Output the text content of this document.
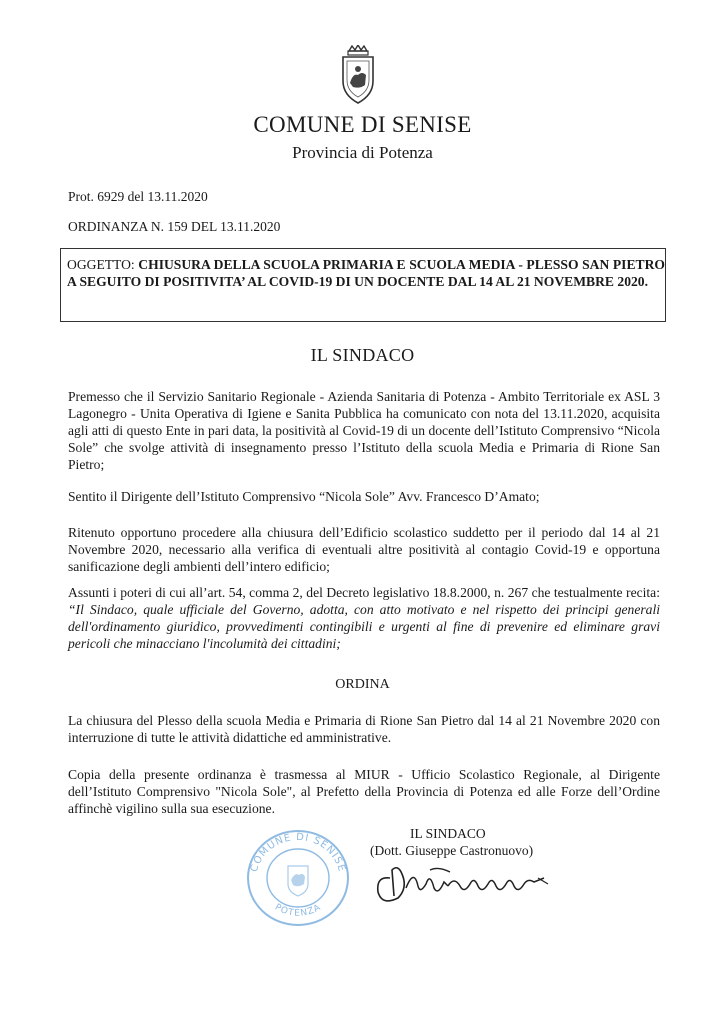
COMUNE DI SENISE
Provincia di Potenza
Prot. 6929 del 13.11.2020
ORDINANZA N. 159 DEL 13.11.2020
OGGETTO: CHIUSURA DELLA SCUOLA PRIMARIA E SCUOLA MEDIA - PLESSO SAN PIETRO A SEGUITO DI POSITIVITA’ AL COVID-19 DI UN DOCENTE DAL 14 AL 21 NOVEMBRE 2020.
IL SINDACO
Premesso che il Servizio Sanitario Regionale - Azienda Sanitaria di Potenza - Ambito Territoriale ex ASL 3 Lagonegro - Unita Operativa di Igiene e Sanita Pubblica ha comunicato con nota del 13.11.2020, acquisita agli atti di questo Ente in pari data, la positività al Covid-19 di un docente dell’Istituto Comprensivo “Nicola Sole” che svolge attività di insegnamento presso l’Istituto della scuola Media e Primaria di Rione San Pietro;
Sentito il Dirigente dell’Istituto Comprensivo “Nicola Sole” Avv. Francesco D’Amato;
Ritenuto opportuno procedere alla chiusura dell’Edificio scolastico suddetto per il periodo dal 14 al 21 Novembre 2020, necessario alla verifica di eventuali altre positività al contagio Covid-19 e opportuna sanificazione degli ambienti dell’intero edificio;
Assunti i poteri di cui all’art. 54, comma 2, del Decreto legislativo 18.8.2000, n. 267 che testualmente recita: “Il Sindaco, quale ufficiale del Governo, adotta, con atto motivato e nel rispetto dei principi generali dell'ordinamento giuridico, provvedimenti contingibili e urgenti al fine di prevenire ed eliminare gravi pericoli che minacciano l'incolumità dei cittadini;
ORDINA
La chiusura del Plesso della scuola Media e Primaria di Rione San Pietro dal 14 al 21 Novembre 2020 con interruzione di tutte le attività didattiche ed amministrative.
Copia della presente ordinanza è trasmessa al MIUR - Ufficio Scolastico Regionale, al Dirigente dell’Istituto Comprensivo "Nicola Sole", al Prefetto della Provincia di Potenza ed alle Forze dell’Ordine affinchè vigilino sulla sua esecuzione.
COMUNE DI SENISE
POTENZA
IL SINDACO
(Dott. Giuseppe Castronuovo)
